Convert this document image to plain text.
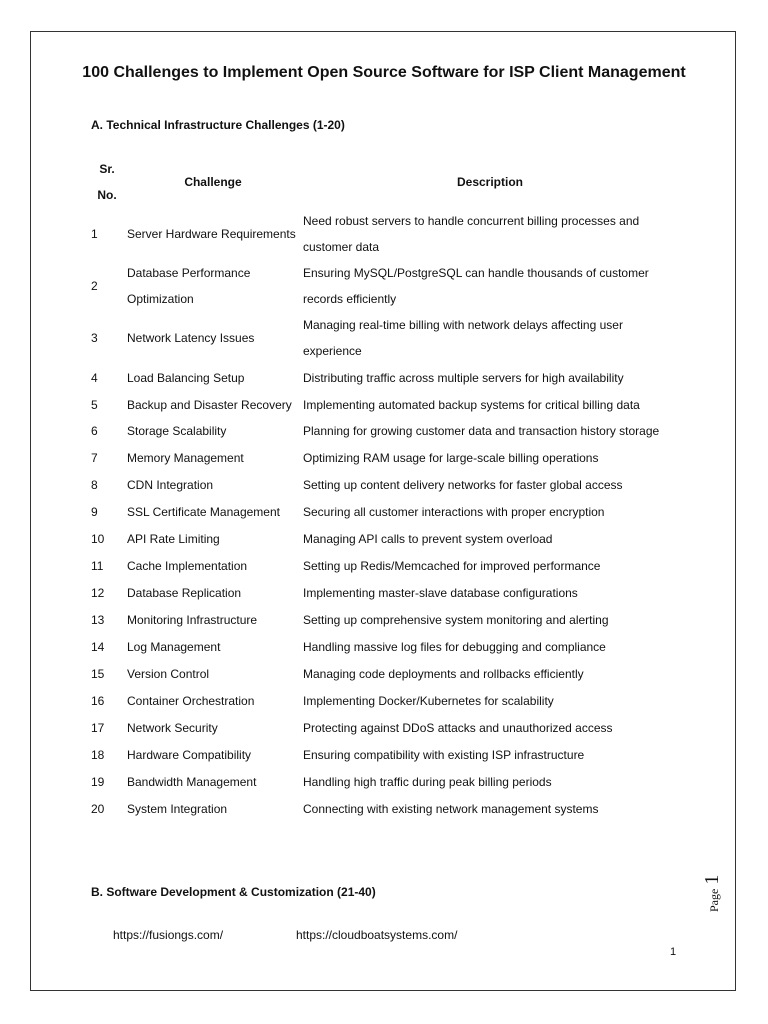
100 Challenges to Implement Open Source Software for ISP Client Management
A. Technical Infrastructure Challenges (1-20)
Sr.
No.	Challenge	Description
1	Server Hardware Requirements	Need robust servers to handle concurrent billing processes and customer data
2	Database Performance Optimization	Ensuring MySQL/PostgreSQL can handle thousands of customer records efficiently
3	Network Latency Issues	Managing real-time billing with network delays affecting user experience
4	Load Balancing Setup	Distributing traffic across multiple servers for high availability
5	Backup and Disaster Recovery	Implementing automated backup systems for critical billing data
6	Storage Scalability	Planning for growing customer data and transaction history storage
7	Memory Management	Optimizing RAM usage for large-scale billing operations
8	CDN Integration	Setting up content delivery networks for faster global access
9	SSL Certificate Management	Securing all customer interactions with proper encryption
10	API Rate Limiting	Managing API calls to prevent system overload
11	Cache Implementation	Setting up Redis/Memcached for improved performance
12	Database Replication	Implementing master-slave database configurations
13	Monitoring Infrastructure	Setting up comprehensive system monitoring and alerting
14	Log Management	Handling massive log files for debugging and compliance
15	Version Control	Managing code deployments and rollbacks efficiently
16	Container Orchestration	Implementing Docker/Kubernetes for scalability
17	Network Security	Protecting against DDoS attacks and unauthorized access
18	Hardware Compatibility	Ensuring compatibility with existing ISP infrastructure
19	Bandwidth Management	Handling high traffic during peak billing periods
20	System Integration	Connecting with existing network management systems
B. Software Development & Customization (21-40)
https://fusiongs.com/	https://cloudboatsystems.com/
1
Page 1
